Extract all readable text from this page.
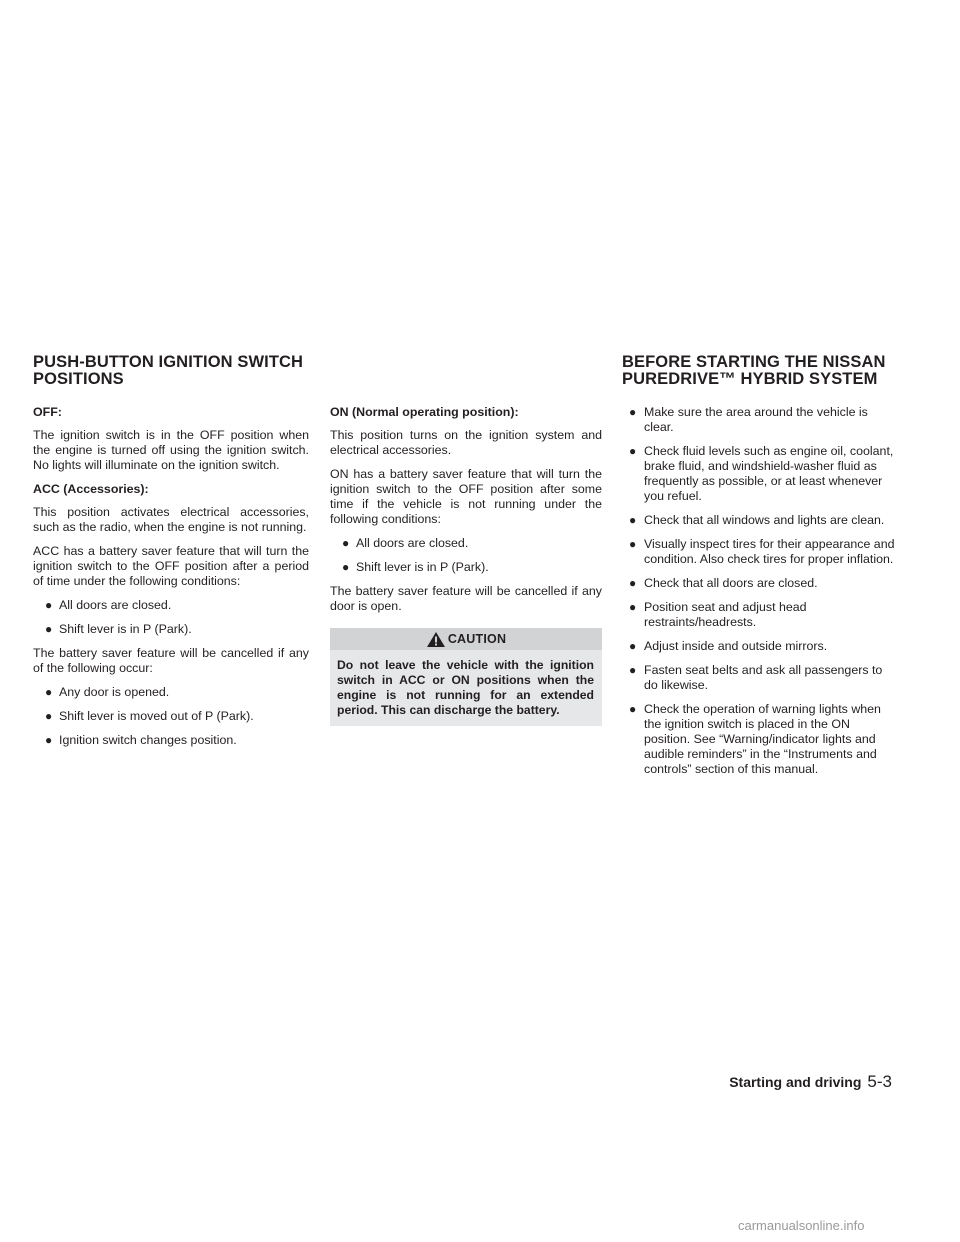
PUSH-BUTTON IGNITION SWITCH
POSITIONS
BEFORE STARTING THE NISSAN
PUREDRIVE™ HYBRID SYSTEM

OFF:

The ignition switch is in the OFF position when the engine is turned off using the ignition switch. No lights will illuminate on the ignition switch.

ACC (Accessories):

This position activates electrical accessories, such as the radio, when the engine is not running.

ACC has a battery saver feature that will turn the ignition switch to the OFF position after a period of time under the following conditions:

● All doors are closed.
● Shift lever is in P (Park).

The battery saver feature will be cancelled if any of the following occur:

● Any door is opened.
● Shift lever is moved out of P (Park).
● Ignition switch changes position.

ON (Normal operating position):

This position turns on the ignition system and electrical accessories.

ON has a battery saver feature that will turn the ignition switch to the OFF position after some time if the vehicle is not running under the following conditions:

● All doors are closed.
● Shift lever is in P (Park).

The battery saver feature will be cancelled if any door is open.

CAUTION
Do not leave the vehicle with the ignition switch in ACC or ON positions when the engine is not running for an extended period. This can discharge the battery.
● Make sure the area around the vehicle is clear.
● Check fluid levels such as engine oil, coolant, brake fluid, and windshield-washer fluid as frequently as possible, or at least whenever you refuel.
● Check that all windows and lights are clean.
● Visually inspect tires for their appearance and condition. Also check tires for proper inflation.
● Check that all doors are closed.
● Position seat and adjust head restraints/headrests.
● Adjust inside and outside mirrors.
● Fasten seat belts and ask all passengers to do likewise.
● Check the operation of warning lights when the ignition switch is placed in the ON position. See “Warning/indicator lights and audible reminders” in the “Instruments and controls” section of this manual.
Starting and driving 5-3
carmanualsonline.info
